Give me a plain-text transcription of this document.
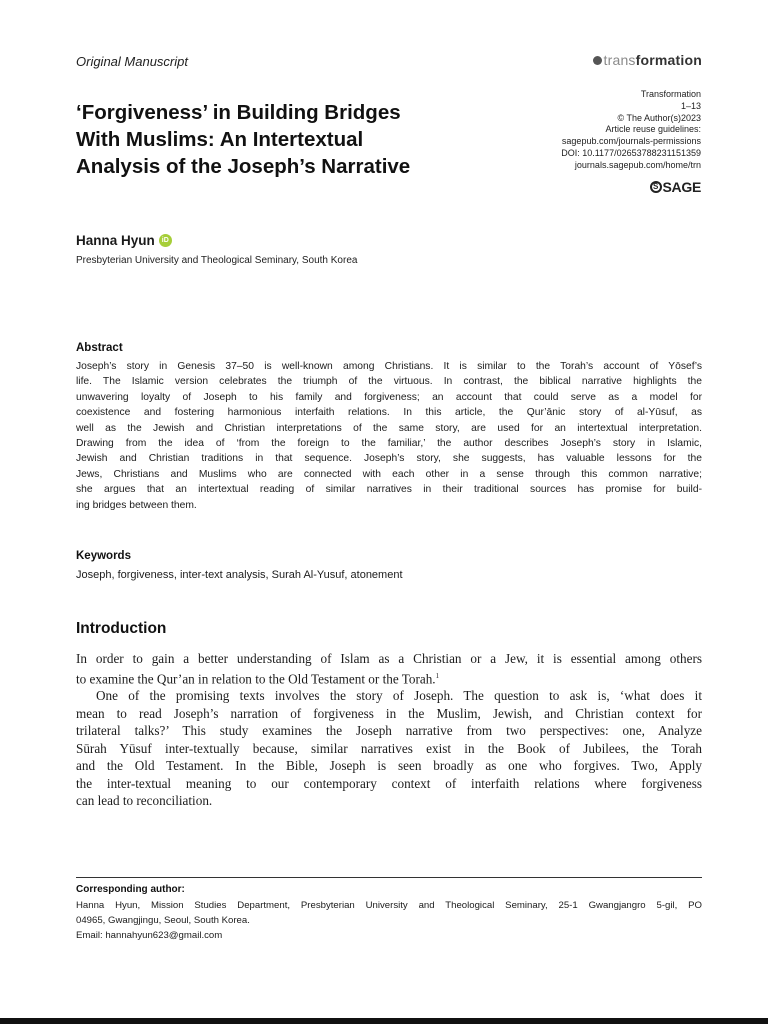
Original Manuscript	trans form ation
‘Forgiveness’ in Building Bridges
With Muslims: An Intertextual
Analysis of the Joseph’s Narrative
Transformation
1–13
© The Author(s)2023
Article reuse guidelines:
sagepub.com/journals-permissions
DOI: 10.1177/02653788231151359
journals.sagepub.com/home/trn
S SAGE
Hanna Hyun	iD
Presbyterian University and Theological Seminary, South Korea
Abstract
Joseph’s story in Genesis 37–50 is well-known among Christians. It is similar to the Torah’s account of Yōsef’s
life. The Islamic version celebrates the triumph of the virtuous. In contrast, the biblical narrative highlights the
unwavering loyalty of Joseph to his family and forgiveness; an account that could serve as a model for
coexistence and fostering harmonious interfaith relations. In this article, the Qur’ānic story of al-Yūsuf, as
well as the Jewish and Christian interpretations of the same story, are used for an intertextual interpretation.
Drawing from the idea of ‘from the foreign to the familiar,’ the author describes Joseph’s story in Islamic,
Jewish and Christian traditions in that sequence. Joseph’s story, she suggests, has valuable lessons for the
Jews, Christians and Muslims who are connected with each other in a sense through this common narrative;
she argues that an intertextual reading of similar narratives in their traditional sources has promise for build-
ing bridges between them.
Keywords
Joseph, forgiveness, inter-text analysis, Surah Al-Yusuf, atonement
Introduction
In order to gain a better understanding of Islam as a Christian or a Jew, it is essential among others
to examine the Qur’an in relation to the Old Testament or the Torah.$^1$
One of the promising texts involves the story of Joseph. The question to ask is, ‘what does it
mean to read Joseph’s narration of forgiveness in the Muslim, Jewish, and Christian context for
trilateral talks?’ This study examines the Joseph narrative from two perspectives: one, Analyze
Sūrah Yūsuf inter-textually because, similar narratives exist in the Book of Jubilees, the Torah
and the Old Testament. In the Bible, Joseph is seen broadly as one who forgives. Two, Apply
the inter-textual meaning to our contemporary context of interfaith relations where forgiveness
can lead to reconciliation.
Corresponding author:
Hanna Hyun, Mission Studies Department, Presbyterian University and Theological Seminary, 25-1 Gwangjangro 5-gil, PO
04965, Gwangjingu, Seoul, South Korea.
Email: hannahyun623@gmail.com
